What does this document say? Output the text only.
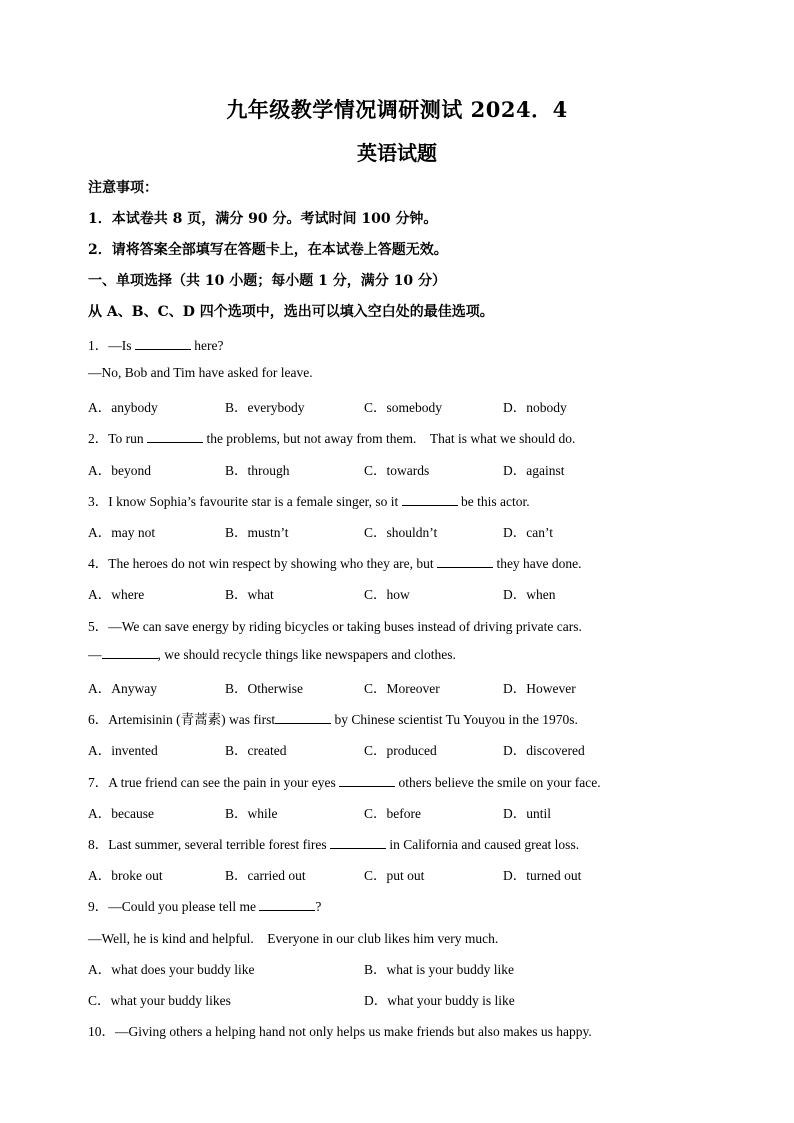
九年级教学情况调研测试 2024．4
英语试题
注意事项：
1．本试卷共 8 页，满分 90 分。考试时间 100 分钟。
2．请将答案全部填写在答题卡上，在本试卷上答题无效。
一、单项选择（共 10 小题；每小题 1 分，满分 10 分）
从 A、B、C、D 四个选项中，选出可以填入空白处的最佳选项。
1．—Is	here?
—No, Bob and Tim have asked for leave.
A．anybody	B．everybody	C．somebody	D．nobody
2．To run	the problems, but not away from them.　That is what we should do.
A．beyond	B．through	C．towards	D．against
3．I know Sophia’s favourite star is a female singer, so it	be this actor.
A．may not	B．mustn’t	C．shouldn’t	D．can’t
4．The heroes do not win respect by showing who they are, but	they have done.
A．where	B．what	C．how	D．when
5．—We can save energy by riding bicycles or taking buses instead of driving private cars.
—	, we should recycle things like newspapers and clothes.
A．Anyway	B．Otherwise	C．Moreover	D．However
6．Artemisinin (青蒿素) was first	by Chinese scientist Tu Youyou in the 1970s.
A．invented	B．created	C．produced	D．discovered
7．A true friend can see the pain in your eyes	others believe the smile on your face.
A．because	B．while	C．before	D．until
8．Last summer, several terrible forest fires	in California and caused great loss.
A．broke out	B．carried out	C．put out	D．turned out
9．—Could you please tell me	?
—Well, he is kind and helpful.　Everyone in our club likes him very much.
A．what does your buddy like	B．what is your buddy like
C．what your buddy likes	D．what your buddy is like
10．—Giving others a helping hand not only helps us make friends but also makes us happy.
